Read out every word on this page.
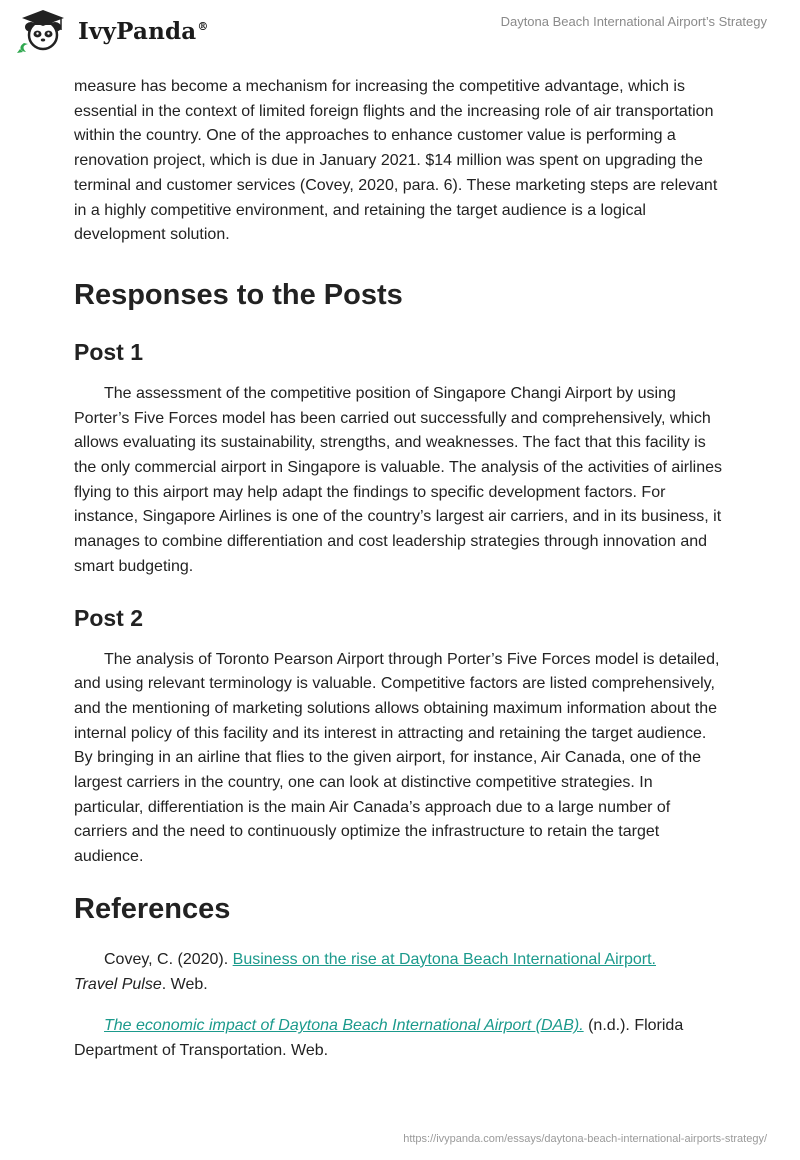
IvyPanda®	Daytona Beach International Airport’s Strategy

measure has become a mechanism for increasing the competitive advantage, which is essential in the context of limited foreign flights and the increasing role of air transportation within the country. One of the approaches to enhance customer value is performing a renovation project, which is due in January 2021. $14 million was spent on upgrading the terminal and customer services (Covey, 2020, para. 6). These marketing steps are relevant in a highly competitive environment, and retaining the target audience is a logical development solution.

Responses to the Posts
Post 1

The assessment of the competitive position of Singapore Changi Airport by using Porter’s Five Forces model has been carried out successfully and comprehensively, which allows evaluating its sustainability, strengths, and weaknesses. The fact that this facility is the only commercial airport in Singapore is valuable. The analysis of the activities of airlines flying to this airport may help adapt the findings to specific development factors. For instance, Singapore Airlines is one of the country’s largest air carriers, and in its business, it manages to combine differentiation and cost leadership strategies through innovation and smart budgeting.

Post 2

The analysis of Toronto Pearson Airport through Porter’s Five Forces model is detailed, and using relevant terminology is valuable. Competitive factors are listed comprehensively, and the mentioning of marketing solutions allows obtaining maximum information about the internal policy of this facility and its interest in attracting and retaining the target audience. By bringing in an airline that flies to the given airport, for instance, Air Canada, one of the largest carriers in the country, one can look at distinctive competitive strategies. In particular, differentiation is the main Air Canada’s approach due to a large number of carriers and the need to continuously optimize the infrastructure to retain the target audience.

References

Covey, C. (2020). Business on the rise at Daytona Beach International Airport.
Travel Pulse. Web.

The economic impact of Daytona Beach International Airport (DAB). (n.d.). Florida Department of Transportation. Web.

https://ivypanda.com/essays/daytona-beach-international-airports-strategy/
